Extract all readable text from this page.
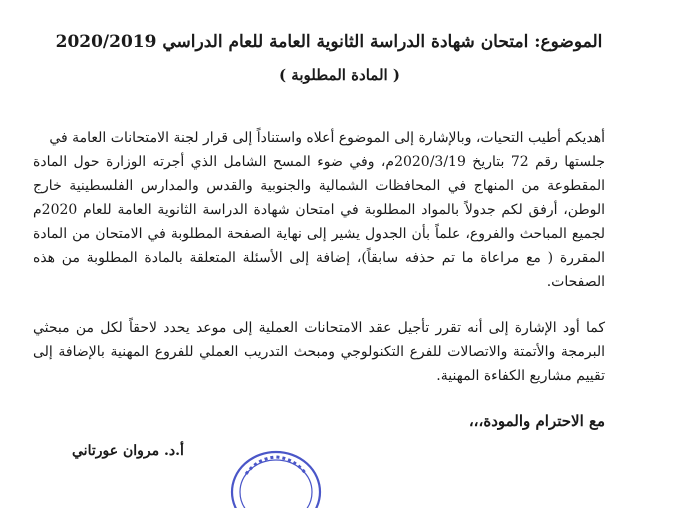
الموضوع: امتحان شهادة الدراسة الثانوية العامة للعام الدراسي 2020/2019
( المادة المطلوبة )
أهديكم أطيب التحيات، وبالإشارة إلى الموضوع أعلاه واستناداً إلى قرار لجنة الامتحانات العامة في
جلستها رقم 72 بتاريخ 2020/3/19م، وفي ضوء المسح الشامل الذي أجرته الوزارة حول المادة المقطوعة من المنهاج في المحافظات الشمالية والجنوبية والقدس والمدارس الفلسطينية خارج الوطن، أرفق لكم جدولاً بالمواد المطلوبة في امتحان شهادة الدراسة الثانوية العامة للعام 2020م لجميع المباحث والفروع، علماً بأن الجدول يشير إلى نهاية الصفحة المطلوبة في الامتحان من المادة المقررة ( مع مراعاة ما تم حذفه سابقاً)، إضافة إلى الأسئلة المتعلقة بالمادة المطلوبة من هذه الصفحات.
كما أود الإشارة إلى أنه تقرر تأجيل عقد الامتحانات العملية إلى موعد يحدد لاحقاً لكل من مبحثي البرمجة والأتمتة والاتصالات للفرع التكنولوجي ومبحث التدريب العملي للفروع المهنية بالإضافة إلى تقييم مشاريع الكفاءة المهنية.
مع الاحترام والمودة،،،
أ.د. مروان عورتاني
